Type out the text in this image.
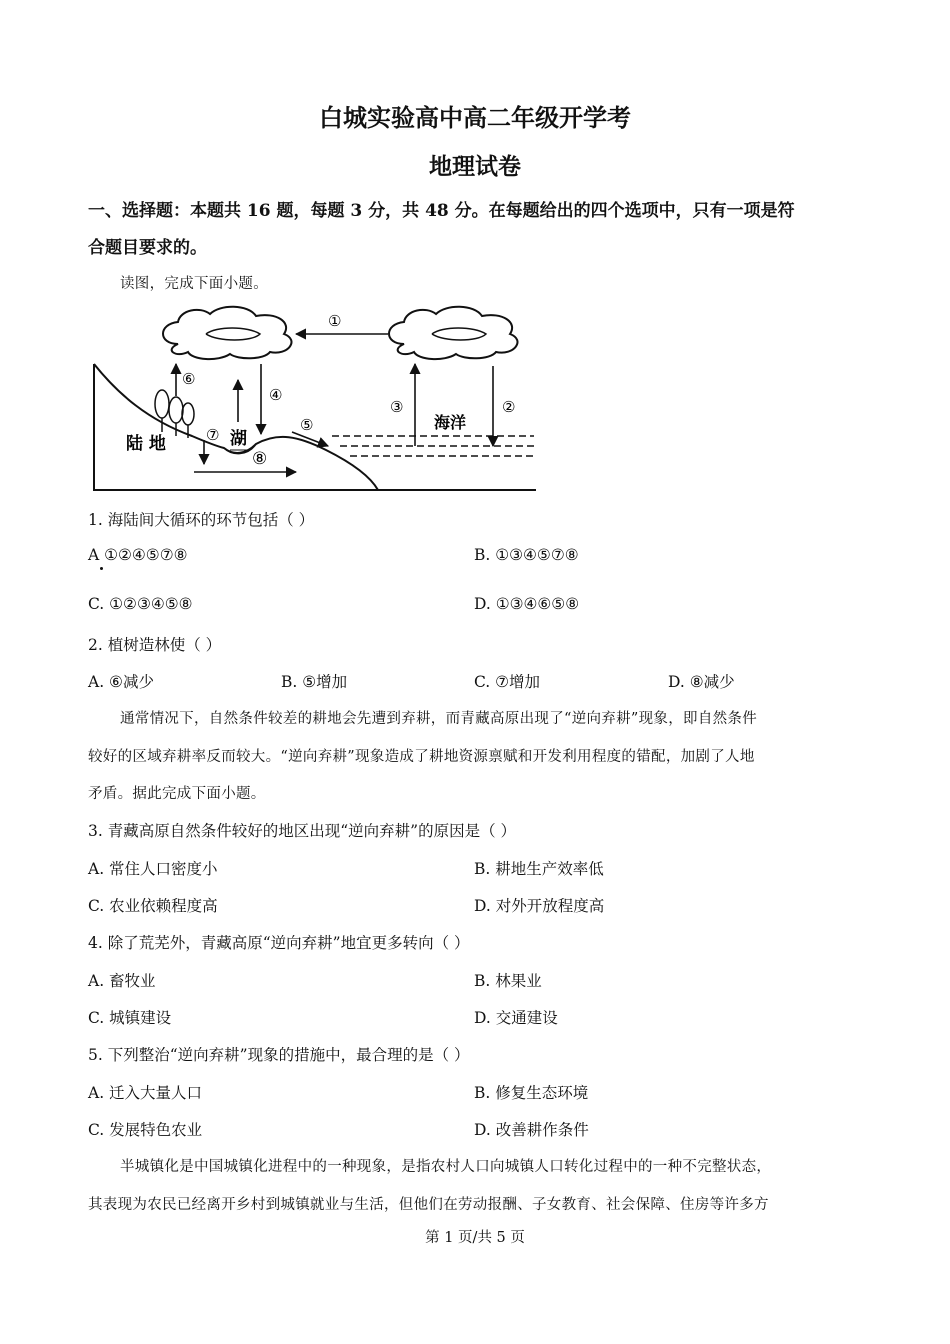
白城实验高中高二年级开学考
地理试卷
一、选择题：本题共 16 题，每题 3 分，共 48 分。在每题给出的四个选项中，只有一项是符
合题目要求的。
读图，完成下面小题。
①
②
③
④
⑥
湖
⑦
⑧
⑤	海洋
陆 地
1. 海陆间大循环的环节包括（ ）
A ①②④⑤⑦⑧	B. ①③④⑤⑦⑧
C. ①②③④⑤⑧	D. ①③④⑥⑤⑧
2. 植树造林使（ ）
A. ⑥减少	B. ⑤增加	C. ⑦增加	D. ⑧减少
通常情况下，自然条件较差的耕地会先遭到弃耕，而青藏高原出现了“逆向弃耕”现象，即自然条件
较好的区域弃耕率反而较大。“逆向弃耕”现象造成了耕地资源禀赋和开发利用程度的错配，加剧了人地
矛盾。据此完成下面小题。
3. 青藏高原自然条件较好的地区出现“逆向弃耕”的原因是（ ）
A. 常住人口密度小	B. 耕地生产效率低
C. 农业依赖程度高	D. 对外开放程度高
4. 除了荒芜外，青藏高原“逆向弃耕”地宜更多转向（ ）
A. 畜牧业	B. 林果业
C. 城镇建设	D. 交通建设
5. 下列整治“逆向弃耕”现象的措施中，最合理的是（ ）
A. 迁入大量人口	B. 修复生态环境
C. 发展特色农业	D. 改善耕作条件
半城镇化是中国城镇化进程中的一种现象，是指农村人口向城镇人口转化过程中的一种不完整状态，
其表现为农民已经离开乡村到城镇就业与生活，但他们在劳动报酬、子女教育、社会保障、住房等许多方
第 1 页/共 5 页
